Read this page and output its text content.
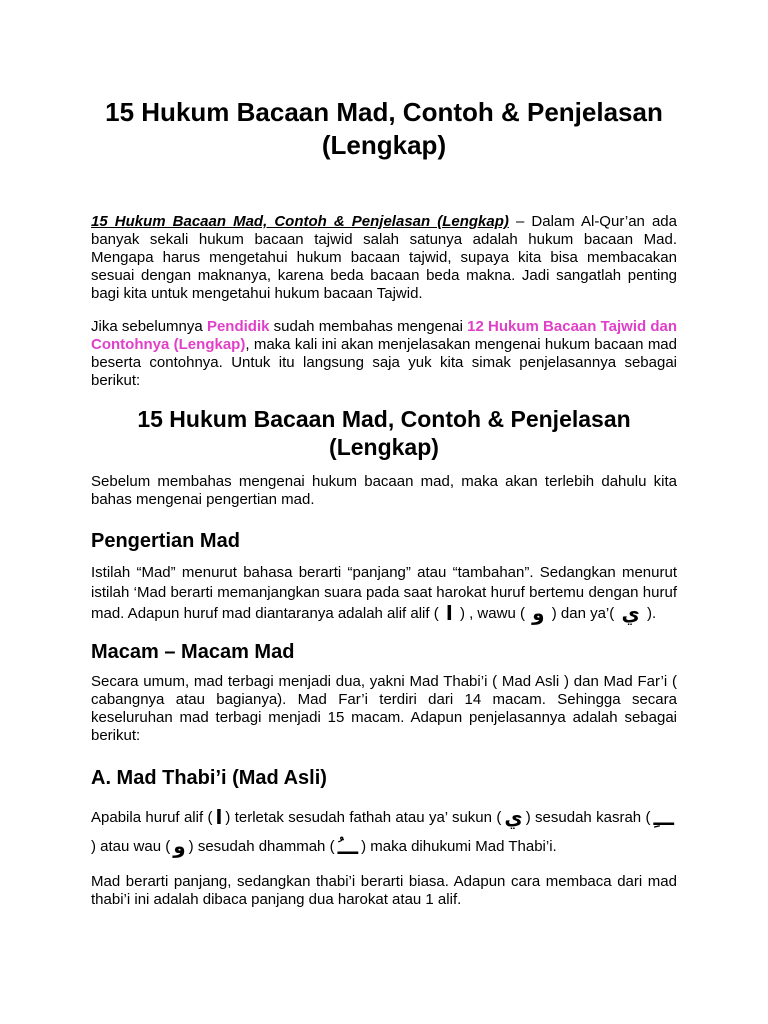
15 Hukum Bacaan Mad, Contoh & Penjelasan (Lengkap)

15 Hukum Bacaan Mad, Contoh & Penjelasan (Lengkap) – Dalam Al-Qur’an ada banyak sekali hukum bacaan tajwid salah satunya adalah hukum bacaan Mad. Mengapa harus mengetahui hukum bacaan tajwid, supaya kita bisa membacakan sesuai dengan maknanya, karena beda bacaan beda makna. Jadi sangatlah penting bagi kita untuk mengetahui hukum bacaan Tajwid.

Jika sebelumnya Pendidik sudah membahas mengenai 12 Hukum Bacaan Tajwid dan Contohnya (Lengkap), maka kali ini akan menjelasakan mengenai hukum bacaan mad beserta contohnya. Untuk itu langsung saja yuk kita simak penjelasannya sebagai berikut:

15 Hukum Bacaan Mad, Contoh & Penjelasan (Lengkap)

Sebelum membahas mengenai hukum bacaan mad, maka akan terlebih dahulu kita bahas mengenai pengertian mad.

Pengertian Mad

Istilah “Mad” menurut bahasa berarti “panjang” atau “tambahan”. Sedangkan menurut istilah ‘Mad berarti memanjangkan suara pada saat harokat huruf bertemu dengan huruf mad. Adapun huruf mad diantaranya adalah alif alif ( ا ) , wawu ( و ) dan ya’( ي ).

Macam – Macam Mad

Secara umum, mad terbagi menjadi dua, yakni Mad Thabi’i ( Mad Asli ) dan Mad Far’i ( cabangnya atau bagianya). Mad Far’i terdiri dari 14 macam. Sehingga secara keseluruhan mad terbagi menjadi 15 macam. Adapun penjelasannya adalah sebagai berikut:

A. Mad Thabi’i (Mad Asli)

Apabila huruf alif ( ا ) terletak sesudah fathah atau ya’ sukun ( ي ) sesudah kasrah ( ـــِ) atau wau ( و ) sesudah dhammah ( ـــُ ) maka dihukumi Mad Thabi’i.

Mad berarti panjang, sedangkan thabi’i berarti biasa. Adapun cara membaca dari mad thabi’i ini adalah dibaca panjang dua harokat atau 1 alif.
